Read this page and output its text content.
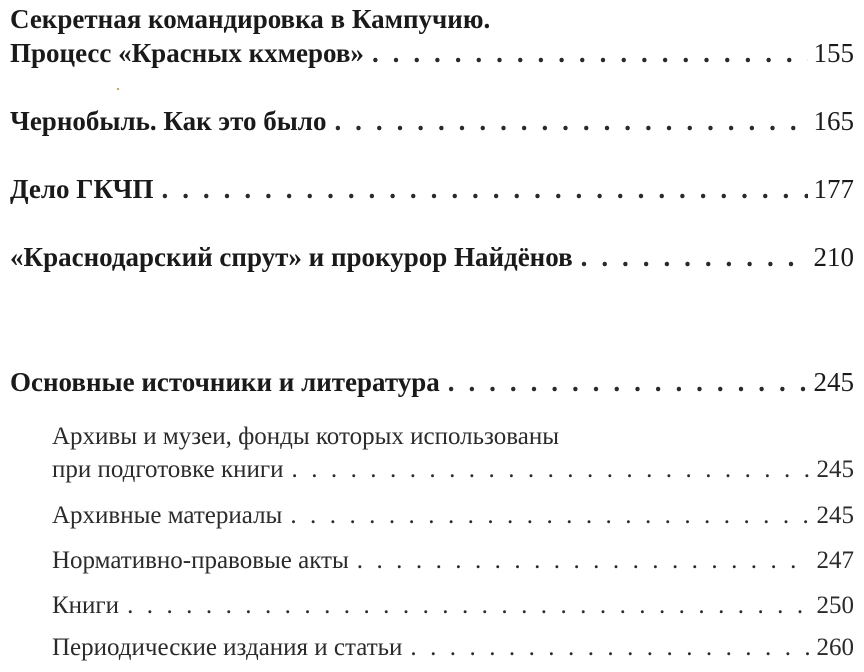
Секретная командировка в Кампучию.
Процесс «Красных кхмеров» . . .	155
Чернобыль. Как это было . . .	165
Дело ГКЧП . . .	177
«Краснодарский спрут» и прокурор Найдёнов . . .	210
Основные источники и литература . . .	245
Архивы и музеи, фонды которых использованы
при подготовке книги . . .	245
Архивные материалы . . .	245
Нормативно-правовые акты . . .	247
Книги . . .	250
Периодические издания и статьи . . .	260
